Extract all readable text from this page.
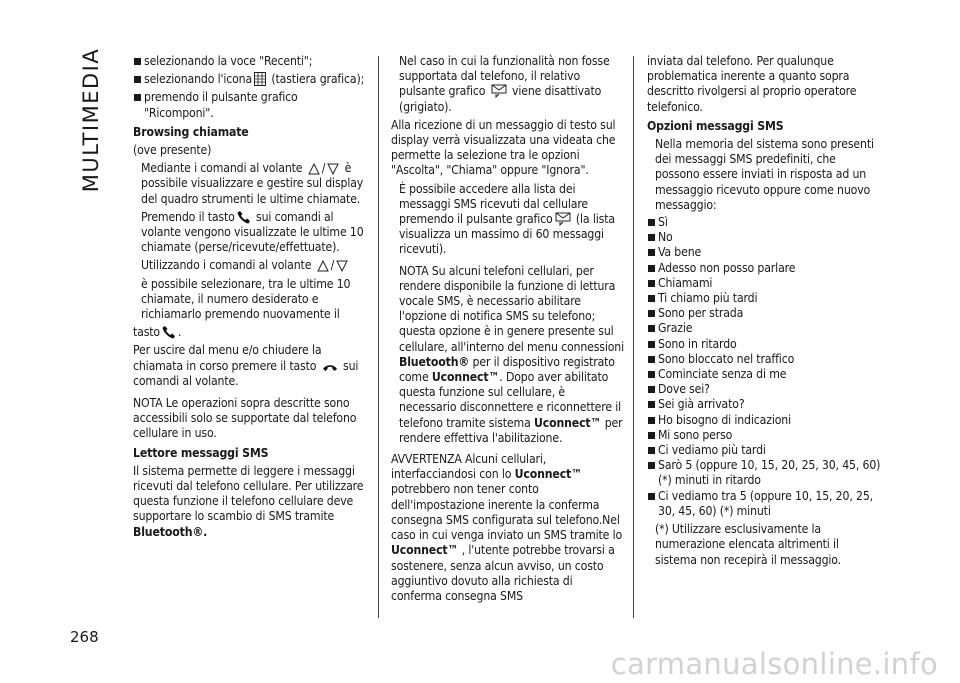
MULTIMEDIA
268

selezionando la voce "Recenti";

selezionando l'icona (tastiera grafica);

premendo il pulsante grafico "Ricomponi".

Browsing chiamate

(ove presente)

Mediante i comandi al volante / è possibile visualizzare e gestire sul display del quadro strumenti le ultime chiamate.

Premendo il tasto sui comandi al volante vengono visualizzate le ultime 10 chiamate (perse/ricevute/effettuate).

Utilizzando i comandi al volante /

è possibile selezionare, tra le ultime 10 chiamate, il numero desiderato e richiamarlo premendo nuovamente il

tasto .

Per uscire dal menu e/o chiudere la chiamata in corso premere il tasto sui comandi al volante.

NOTA Le operazioni sopra descritte sono accessibili solo se supportate dal telefono cellulare in uso.

Lettore messaggi SMS

Il sistema permette di leggere i messaggi ricevuti dal telefono cellulare. Per utilizzare questa funzione il telefono cellulare deve supportare lo scambio di SMS tramite Bluetooth®.

Nel caso in cui la funzionalità non fosse supportata dal telefono, il relativo pulsante grafico viene disattivato (grigiato).

Alla ricezione di un messaggio di testo sul display verrà visualizzata una videata che permette la selezione tra le opzioni "Ascolta", "Chiama" oppure "Ignora".

È possibile accedere alla lista dei messaggi SMS ricevuti dal cellulare premendo il pulsante grafico (la lista visualizza un massimo di 60 messaggi ricevuti).

NOTA Su alcuni telefoni cellulari, per rendere disponibile la funzione di lettura vocale SMS, è necessario abilitare l'opzione di notifica SMS su telefono; questa opzione è in genere presente sul cellulare, all'interno del menu connessioni Bluetooth® per il dispositivo registrato come Uconnect™. Dopo aver abilitato questa funzione sul cellulare, è necessario disconnettere e riconnettere il telefono tramite sistema Uconnect™ per rendere effettiva l'abilitazione.

AVVERTENZA Alcuni cellulari, interfacciandosi con lo Uconnect™ potrebbero non tener conto dell'impostazione inerente la conferma consegna SMS configurata sul telefono.Nel caso in cui venga inviato un SMS tramite lo Uconnect™ , l'utente potrebbe trovarsi a sostenere, senza alcun avviso, un costo aggiuntivo dovuto alla richiesta di conferma consegna SMS

inviata dal telefono. Per qualunque problematica inerente a quanto sopra descritto rivolgersi al proprio operatore telefonico.

Opzioni messaggi SMS

Nella memoria del sistema sono presenti dei messaggi SMS predefiniti, che possono essere inviati in risposta ad un messaggio ricevuto oppure come nuovo messaggio:

Sì

No

Va bene

Adesso non posso parlare

Chiamami

Ti chiamo più tardi

Sono per strada

Grazie

Sono in ritardo

Sono bloccato nel traffico

Cominciate senza di me

Dove sei?

Sei già arrivato?

Ho bisogno di indicazioni

Mi sono perso

Ci vediamo più tardi

Sarò 5 (oppure 10, 15, 20, 25, 30, 45, 60) (*) minuti in ritardo

Ci vediamo tra 5 (oppure 10, 15, 20, 25, 30, 45, 60) (*) minuti

(*) Utilizzare esclusivamente la numerazione elencata altrimenti il sistema non recepirà il messaggio.

carmanualsonline.info
